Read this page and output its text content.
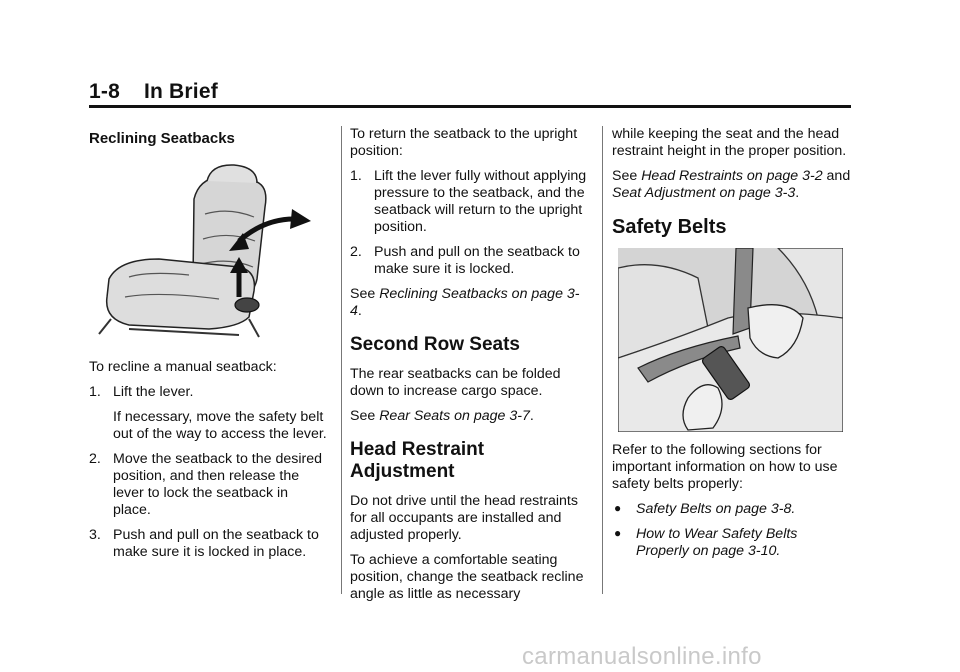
1-8 In Brief
Reclining Seatbacks

To recline a manual seatback:

1. Lift the lever.

If necessary, move the safety belt out of the way to access the lever.

2. Move the seatback to the desired position, and then release the lever to lock the seatback in place.
3. Push and pull on the seatback to make sure it is locked in place.

To return the seatback to the upright position:

1. Lift the lever fully without applying pressure to the seatback, and the seatback will return to the upright position.
2. Push and pull on the seatback to make sure it is locked.

See Reclining Seatbacks on page 3-4.

Second Row Seats

The rear seatbacks can be folded down to increase cargo space.

See Rear Seats on page 3-7.

Head Restraint Adjustment

Do not drive until the head restraints for all occupants are installed and adjusted properly.

To achieve a comfortable seating position, change the seatback recline angle as little as necessary

while keeping the seat and the head restraint height in the proper position.

See Head Restraints on page 3-2 and Seat Adjustment on page 3-3.

Safety Belts

Refer to the following sections for important information on how to use safety belts properly:

● Safety Belts on page 3-8.
● How to Wear Safety Belts Properly on page 3-10.
carmanualsonline.info
